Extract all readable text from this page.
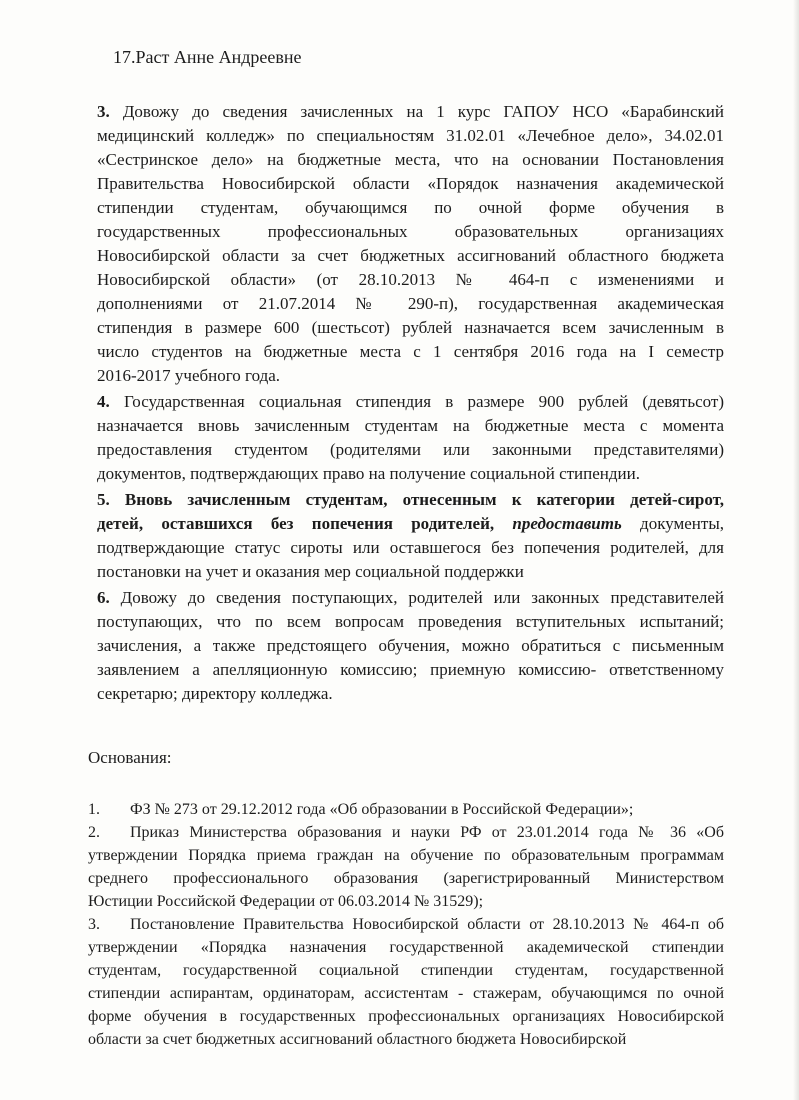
17.Раст Анне Андреевне
3. Довожу до сведения зачисленных на 1 курс ГАПОУ НСО «Барабинский
медицинский колледж» по специальностям 31.02.01 «Лечебное дело», 34.02.01
«Сестринское дело» на бюджетные места, что на основании Постановления
Правительства Новосибирской области «Порядок назначения академической
стипендии студентам, обучающимся по очной форме обучения в
государственных профессиональных образовательных организациях
Новосибирской области за счет бюджетных ассигнований областного бюджета
Новосибирской области» (от 28.10.2013 № 464-п с изменениями и
дополнениями от 21.07.2014 № 290-п), государственная академическая
стипендия в размере 600 (шестьсот) рублей назначается всем зачисленным в
число студентов на бюджетные места с 1 сентября 2016 года на I семестр
2016-2017 учебного года.
4. Государственная социальная стипендия в размере 900 рублей (девятьсот)
назначается вновь зачисленным студентам на бюджетные места с момента
предоставления студентом (родителями или законными представителями)
документов, подтверждающих право на получение социальной стипендии.
5. Вновь зачисленным студентам, отнесенным к категории детей-сирот,
детей, оставшихся без попечения родителей, предоставить документы,
подтверждающие статус сироты или оставшегося без попечения родителей, для
постановки на учет и оказания мер социальной поддержки
6. Довожу до сведения поступающих, родителей или законных представителей
поступающих, что по всем вопросам проведения вступительных испытаний;
зачисления, а также предстоящего обучения, можно обратиться с письменным
заявлением а апелляционную комиссию; приемную комиссию- ответственному
секретарю; директору колледжа.
Основания:
1. ФЗ № 273 от 29.12.2012 года «Об образовании в Российской Федерации»;
2. Приказ Министерства образования и науки РФ от 23.01.2014 года № 36 «Об
утверждении Порядка приема граждан на обучение по образовательным программам
среднего профессионального образования (зарегистрированный Министерством
Юстиции Российской Федерации от 06.03.2014 № 31529);
3. Постановление Правительства Новосибирской области от 28.10.2013 № 464-п об
утверждении «Порядка назначения государственной академической стипендии
студентам, государственной социальной стипендии студентам, государственной
стипендии аспирантам, ординаторам, ассистентам - стажерам, обучающимся по очной
форме обучения в государственных профессиональных организациях Новосибирской
области за счет бюджетных ассигнований областного бюджета Новосибирской
